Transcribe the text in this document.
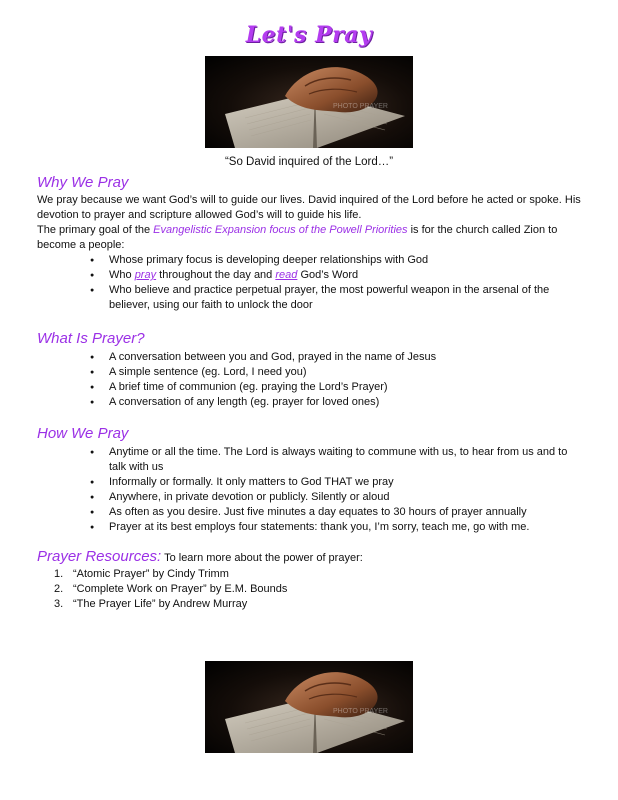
Let's Pray
PHOTO PRAYER
“So David inquired of the Lord…”
Why We Pray

We pray because we want God’s will to guide our lives. David inquired of the Lord before he acted or spoke. His devotion to prayer and scripture allowed God’s will to guide his life.

The primary goal of the Evangelistic Expansion focus of the Powell Priorities is for the church called Zion to become a people:

● Whose primary focus is developing deeper relationships with God
● Who pray throughout the day and read God’s Word
● Who believe and practice perpetual prayer, the most powerful weapon in the arsenal of the believer, using our faith to unlock the door
What Is Prayer?
● A conversation between you and God, prayed in the name of Jesus
● A simple sentence (eg. Lord, I need you)
● A brief time of communion (eg. praying the Lord’s Prayer)
● A conversation of any length (eg. prayer for loved ones)
How We Pray
● Anytime or all the time. The Lord is always waiting to commune with us, to hear from us and to talk with us
● Informally or formally. It only matters to God THAT we pray
● Anywhere, in private devotion or publicly. Silently or aloud
● As often as you desire. Just five minutes a day equates to 30 hours of prayer annually
● Prayer at its best employs four statements: thank you, I’m sorry, teach me, go with me.
Prayer Resources: To learn more about the power of prayer:
1. “Atomic Prayer” by Cindy Trimm
2. “Complete Work on Prayer” by E.M. Bounds
3. “The Prayer Life” by Andrew Murray
PHOTO PRAYER
